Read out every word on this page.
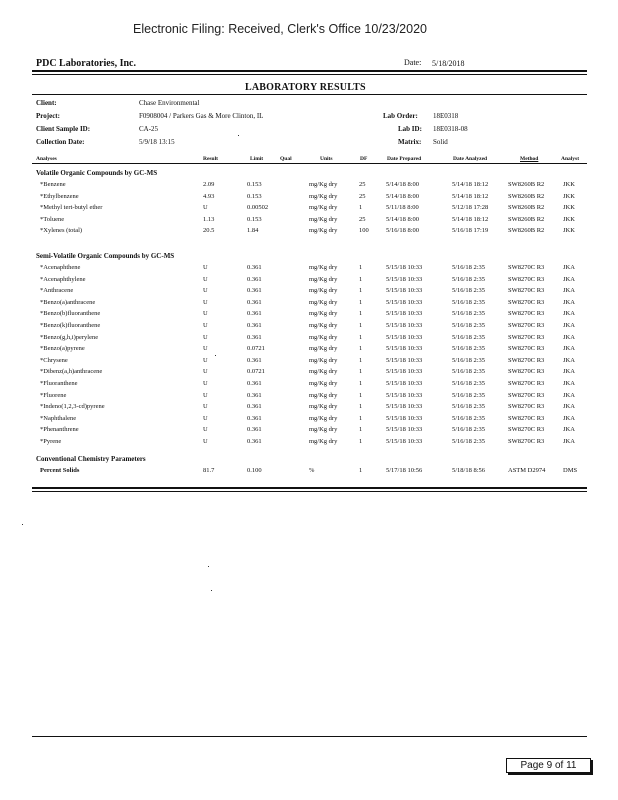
Electronic Filing: Received, Clerk's Office 10/23/2020
PDC Laboratories, Inc.	Date: 5/18/2018
LABORATORY RESULTS
Client:	Chase Environmental
Project:	F0908004 / Parkers Gas & More Clinton, IL
Client Sample ID:	CA-25
Collection Date:	5/9/18 13:15
Lab Order: 18E0318
Lab ID: 18E0318-08
Matrix: Solid
Analyses	Result	Limit	Qual	Units	DF	Date Prepared	Date Analyzed	Method	Analyst
Volatile Organic Compounds by GC-MS
*Benzene	2.09	0.153	mg/Kg dry	25	5/14/18 8:00	5/14/18 18:12	SW8260B R2	JKK
*Ethylbenzene	4.93	0.153	mg/Kg dry	25	5/14/18 8:00	5/14/18 18:12	SW8260B R2	JKK
*Methyl tert-butyl ether	U	0.00502	mg/Kg dry	1	5/11/18 8:00	5/12/18 17:28	SW8260B R2	JKK
*Toluene	1.13	0.153	mg/Kg dry	25	5/14/18 8:00	5/14/18 18:12	SW8260B R2	JKK
*Xylenes (total)	20.5	1.84	mg/Kg dry	100	5/16/18 8:00	5/16/18 17:19	SW8260B R2	JKK
Semi-Volatile Organic Compounds by GC-MS
*Acenaphthene	U	0.361	mg/Kg dry	1	5/15/18 10:33	5/16/18 2:35	SW8270C R3	JKA
*Acenaphthylene	U	0.361	mg/Kg dry	1	5/15/18 10:33	5/16/18 2:35	SW8270C R3	JKA
*Anthracene	U	0.361	mg/Kg dry	1	5/15/18 10:33	5/16/18 2:35	SW8270C R3	JKA
*Benzo(a)anthracene	U	0.361	mg/Kg dry	1	5/15/18 10:33	5/16/18 2:35	SW8270C R3	JKA
*Benzo(b)fluoranthene	U	0.361	mg/Kg dry	1	5/15/18 10:33	5/16/18 2:35	SW8270C R3	JKA
*Benzo(k)fluoranthene	U	0.361	mg/Kg dry	1	5/15/18 10:33	5/16/18 2:35	SW8270C R3	JKA
*Benzo(g,h,i)perylene	U	0.361	mg/Kg dry	1	5/15/18 10:33	5/16/18 2:35	SW8270C R3	JKA
*Benzo(a)pyrene	U	0.0721	mg/Kg dry	1	5/15/18 10:33	5/16/18 2:35	SW8270C R3	JKA
*Chrysene	U	0.361	mg/Kg dry	1	5/15/18 10:33	5/16/18 2:35	SW8270C R3	JKA
*Dibenz(a,h)anthracene	U	0.0721	mg/Kg dry	1	5/15/18 10:33	5/16/18 2:35	SW8270C R3	JKA
*Fluoranthene	U	0.361	mg/Kg dry	1	5/15/18 10:33	5/16/18 2:35	SW8270C R3	JKA
*Fluorene	U	0.361	mg/Kg dry	1	5/15/18 10:33	5/16/18 2:35	SW8270C R3	JKA
*Indeno(1,2,3-cd)pyrene	U	0.361	mg/Kg dry	1	5/15/18 10:33	5/16/18 2:35	SW8270C R3	JKA
*Naphthalene	U	0.361	mg/Kg dry	1	5/15/18 10:33	5/16/18 2:35	SW8270C R3	JKA
*Phenanthrene	U	0.361	mg/Kg dry	1	5/15/18 10:33	5/16/18 2:35	SW8270C R3	JKA
*Pyrene	U	0.361	mg/Kg dry	1	5/15/18 10:33	5/16/18 2:35	SW8270C R3	JKA
Conventional Chemistry Parameters
Percent Solids	81.7	0.100	%	1	5/17/18 10:56	5/18/18 8:56	ASTM D2974	DMS
Page 9 of 11
